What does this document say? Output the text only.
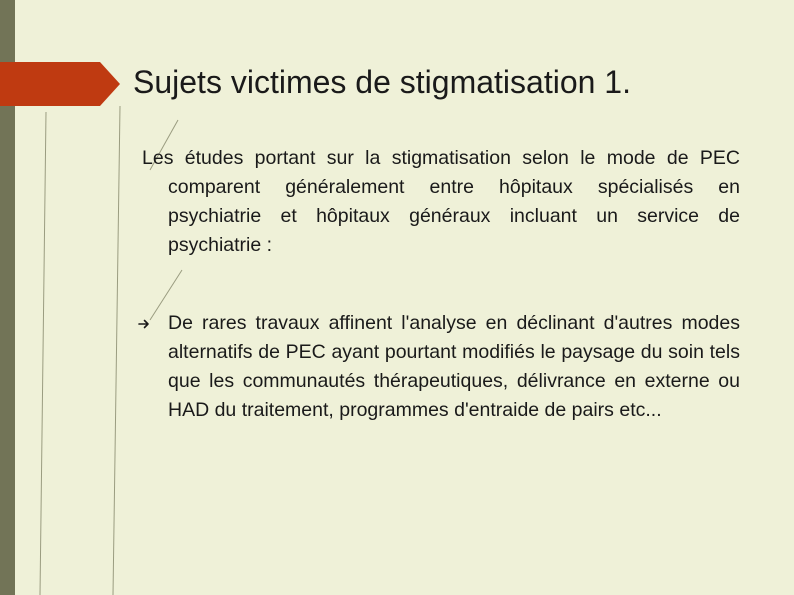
Sujets victimes de stigmatisation 1.

Les études portant sur la stigmatisation selon le mode de PEC comparent généralement entre hôpitaux spécialisés en psychiatrie et hôpitaux généraux incluant un service de psychiatrie :

De rares travaux affinent l'analyse en déclinant d'autres modes alternatifs de PEC ayant pourtant modifiés le paysage du soin tels que les communautés thérapeutiques, délivrance en externe ou HAD du traitement, programmes d'entraide de pairs etc...
